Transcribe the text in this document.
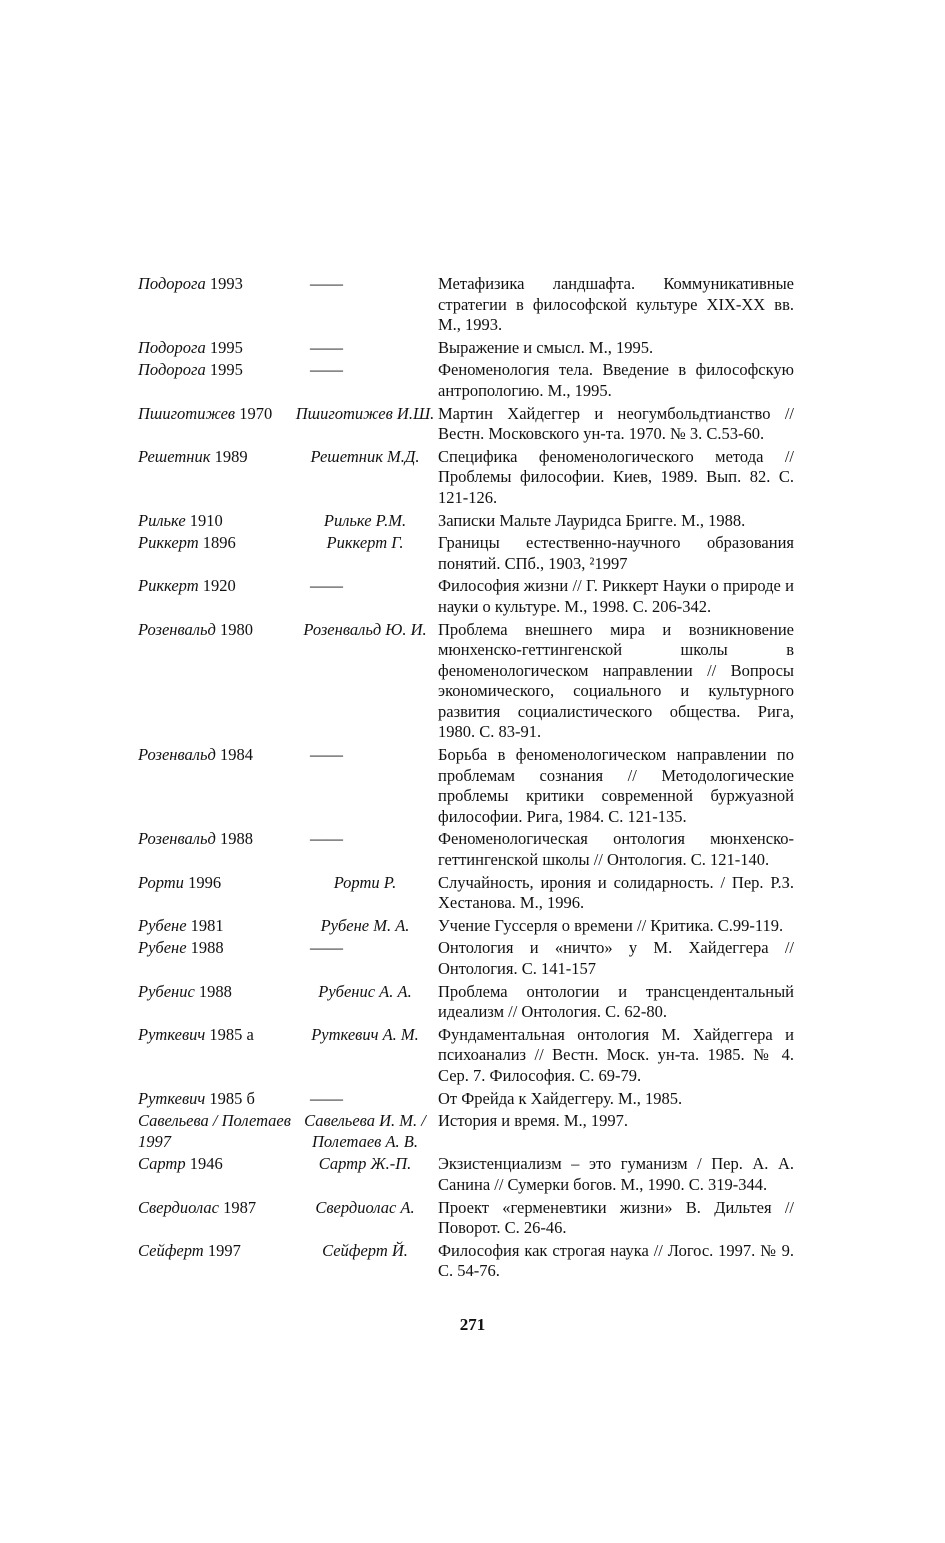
Подорога 1993	——	Метафизика ландшафта. Коммуникативные стратегии в философской культуре XIX-XX вв. М., 1993.
Подорога 1995	——	Выражение и смысл. М., 1995.
Подорога 1995	——	Феноменология тела. Введение в философскую антропологию. М., 1995.
Пшиготижев 1970	Пшиготижев И.Ш.	Мартин Хайдеггер и неогумбольдтианство // Вестн. Московского ун-та. 1970. № 3. С.53-60.
Решетник 1989	Решетник М.Д.	Специфика феноменологического метода // Проблемы философии. Киев, 1989. Вып. 82. С. 121-126.
Рильке 1910	Рильке Р.М.	Записки Мальте Лауридса Бригге. М., 1988.
Риккерт 1896	Риккерт Г.	Границы естественно-научного образования понятий. СПб., 1903, ²1997
Риккерт 1920	——	Философия жизни // Г. Риккерт Науки о природе и науки о культуре. М., 1998. С. 206-342.
Розенвальд 1980	Розенвальд Ю. И.	Проблема внешнего мира и возникновение мюнхенско-геттингенской школы в феноменологическом направлении // Вопросы экономического, социального и культурного развития социалистического общества. Рига, 1980. С. 83-91.
Розенвальд 1984	——	Борьба в феноменологическом направлении по проблемам сознания // Методологические проблемы критики современной буржуазной философии. Рига, 1984. С. 121-135.
Розенвальд 1988	——	Феноменологическая онтология мюнхенско-геттингенской школы // Онтология. С. 121-140.
Рорти 1996	Рорти Р.	Случайность, ирония и солидарность. / Пер. Р.З. Хестанова. М., 1996.
Рубене 1981	Рубене М. А.	Учение Гуссерля о времени // Критика. С.99-119.
Рубене 1988	——	Онтология и «ничто» у М. Хайдеггера // Онтология. С. 141-157
Рубенис 1988	Рубенис А. А.	Проблема онтологии и трансцендентальный идеализм // Онтология. С. 62-80.
Руткевич 1985 а	Руткевич А. М.	Фундаментальная онтология М. Хайдеггера и психоанализ // Вестн. Моск. ун-та. 1985. № 4. Сер. 7. Философия. С. 69-79.
Руткевич 1985 б	——	От Фрейда к Хайдеггеру. М., 1985.
Савельева / Полетаев 1997	Савельева И. М. / Полетаев А. В.	История и время. М., 1997.
Сартр 1946	Сартр Ж.-П.	Экзистенциализм – это гуманизм / Пер. А. А. Санина // Сумерки богов. М., 1990. С. 319-344.
Свердиолас 1987	Свердиолас А.	Проект «герменевтики жизни» В. Дильтея // Поворот. С. 26-46.
Сейферт 1997	Сейферт Й.	Философия как строгая наука // Логос. 1997. № 9. С. 54-76.
271
